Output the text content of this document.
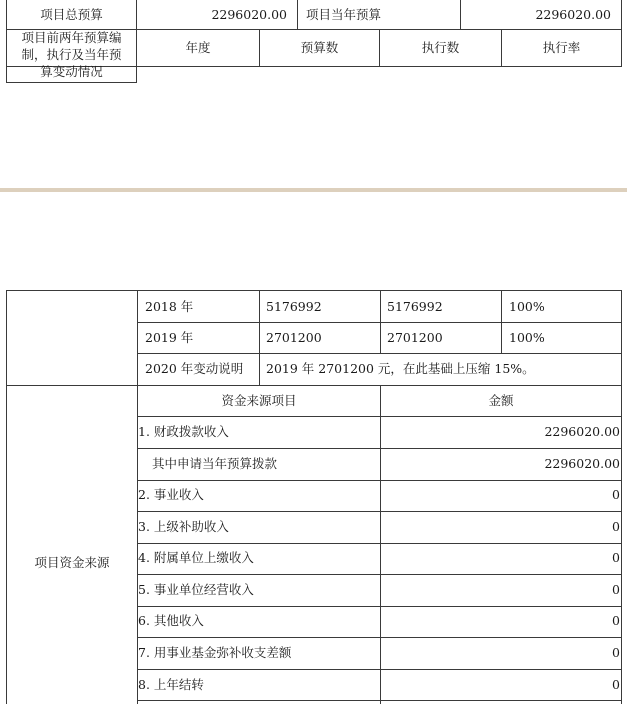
项目总预算	2296020.00 项目当年预算	2296020.00
项目前两年预算编
制，执行及当年预
算变动情况
年度	预算数	执行数	执行率
2018 年	5176992	5176992	100%
2019 年	2701200	2701200	100%
2020 年变动说明 2019 年 2701200 元，在此基础上压缩 15%。
项目资金来源
资金来源项目	金额
1. 财政拨款收入	2296020.00
其中申请当年预算拨款	2296020.00
2. 事业收入	0
3. 上级补助收入	0
4. 附属单位上缴收入	0
5. 事业单位经营收入	0
6. 其他收入	0
7. 用事业基金弥补收支差额	0
8. 上年结转	0
